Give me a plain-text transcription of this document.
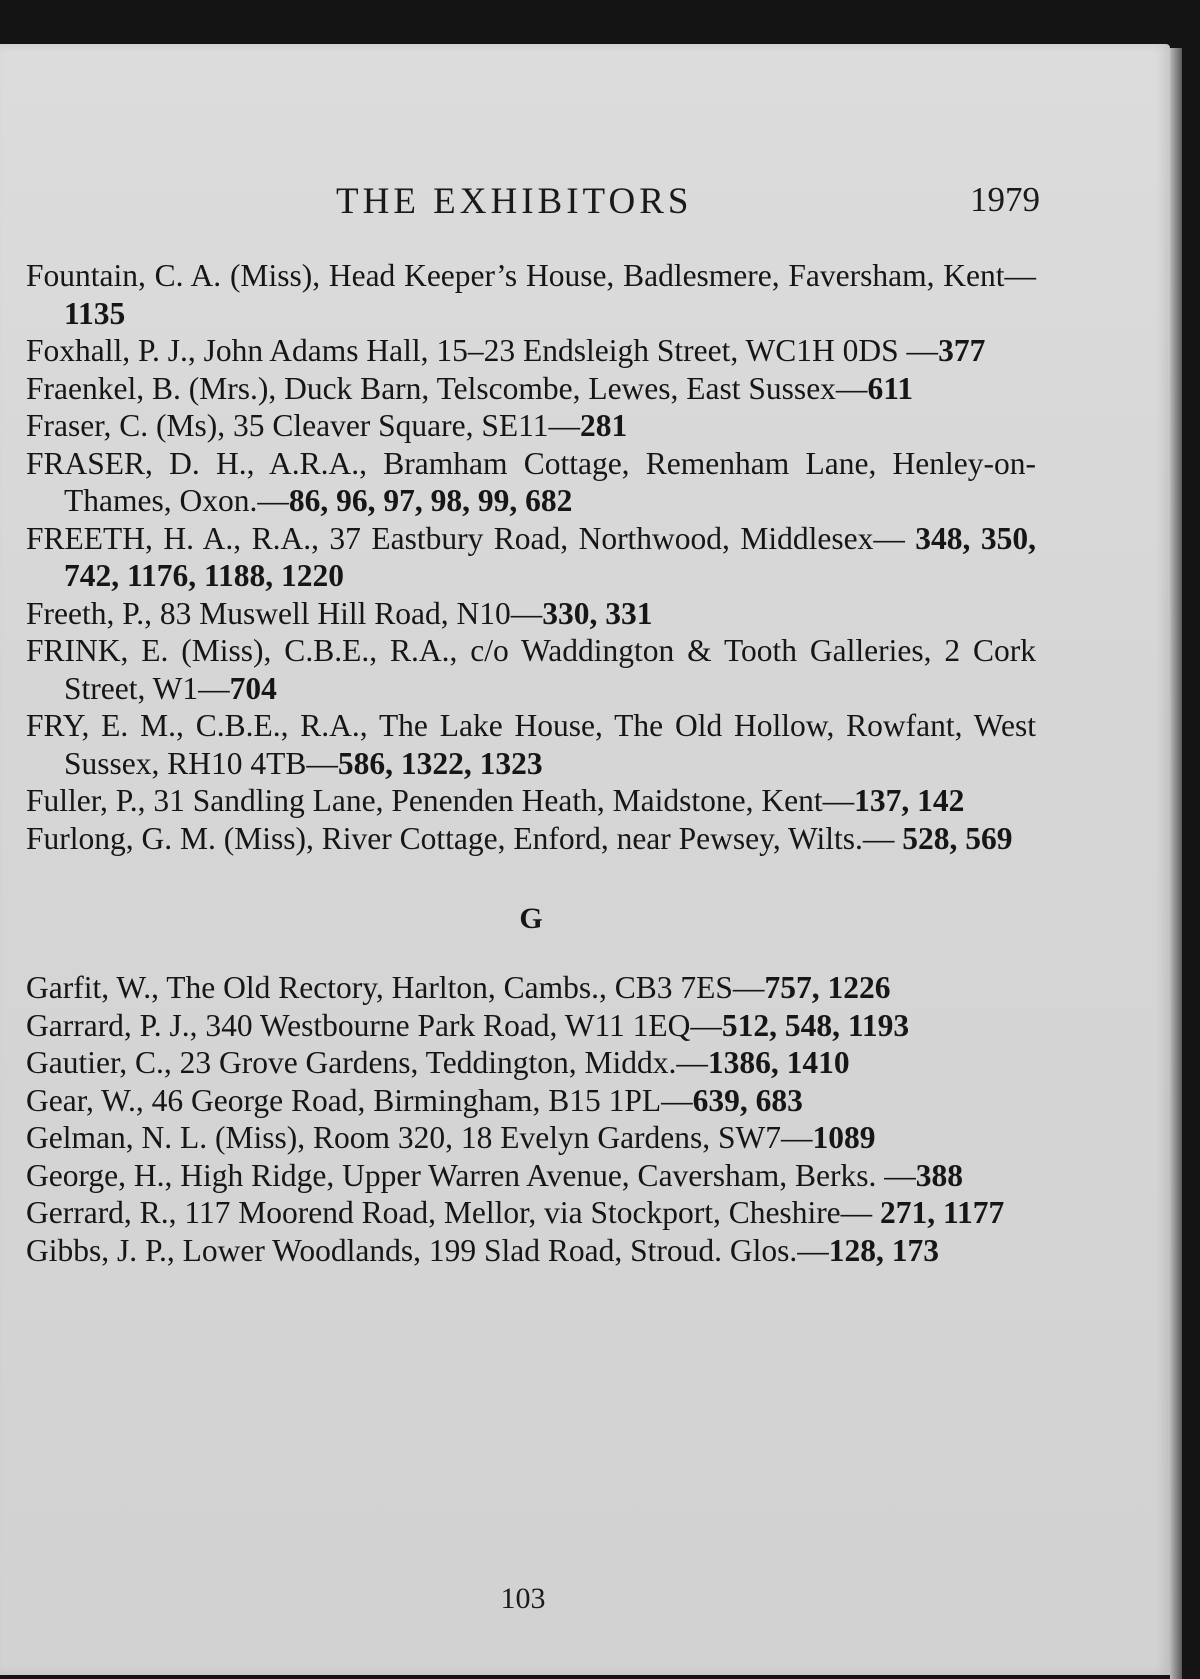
THE EXHIBITORS	1979
Fountain, C. A. (Miss), Head Keeper’s House, Badlesmere, Faversham, Kent—1135
Foxhall, P. J., John Adams Hall, 15–23 Endsleigh Street, WC1H 0DS —377
Fraenkel, B. (Mrs.), Duck Barn, Telscombe, Lewes, East Sussex—611
Fraser, C. (Ms), 35 Cleaver Square, SE11—281
FRASER, D. H., A.R.A., Bramham Cottage, Remenham Lane, Henley-on-Thames, Oxon.—86, 96, 97, 98, 99, 682
FREETH, H. A., R.A., 37 Eastbury Road, Northwood, Middlesex— 348, 350, 742, 1176, 1188, 1220
Freeth, P., 83 Muswell Hill Road, N10—330, 331
FRINK, E. (Miss), C.B.E., R.A., c/o Waddington & Tooth Galleries, 2 Cork Street, W1—704
FRY, E. M., C.B.E., R.A., The Lake House, The Old Hollow, Rowfant, West Sussex, RH10 4TB—586, 1322, 1323
Fuller, P., 31 Sandling Lane, Penenden Heath, Maidstone, Kent—137, 142
Furlong, G. M. (Miss), River Cottage, Enford, near Pewsey, Wilts.— 528, 569
G
Garfit, W., The Old Rectory, Harlton, Cambs., CB3 7ES—757, 1226
Garrard, P. J., 340 Westbourne Park Road, W11 1EQ—512, 548, 1193
Gautier, C., 23 Grove Gardens, Teddington, Middx.—1386, 1410
Gear, W., 46 George Road, Birmingham, B15 1PL—639, 683
Gelman, N. L. (Miss), Room 320, 18 Evelyn Gardens, SW7—1089
George, H., High Ridge, Upper Warren Avenue, Caversham, Berks. —388
Gerrard, R., 117 Moorend Road, Mellor, via Stockport, Cheshire— 271, 1177
Gibbs, J. P., Lower Woodlands, 199 Slad Road, Stroud. Glos.—128, 173
103
